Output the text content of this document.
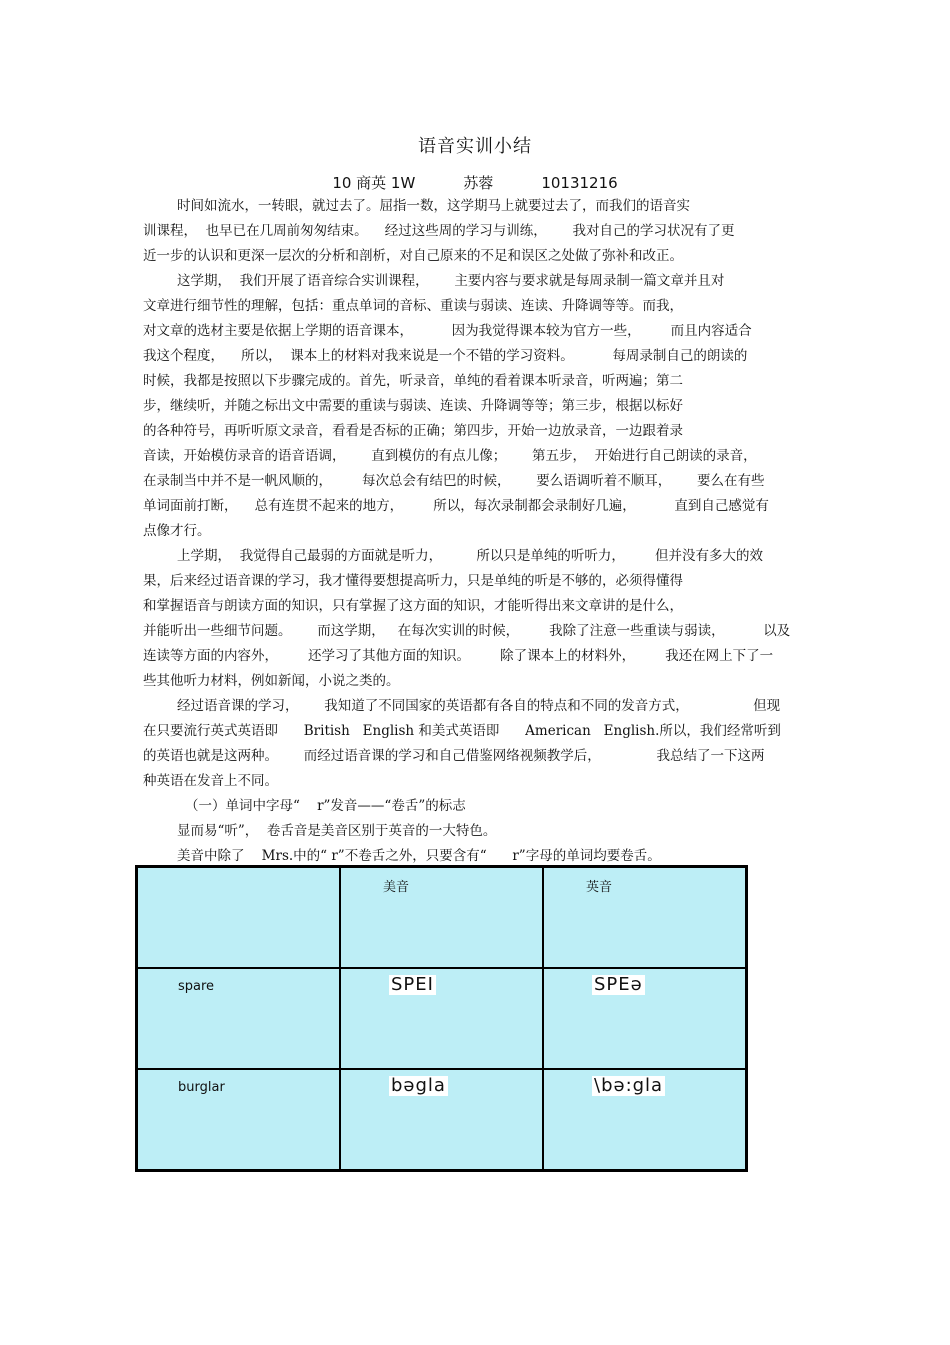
语音实训小结
10 商英 1W	苏蓉	10131216
时间如流水，一转眼，就过去了。屈指一数，这学期马上就要过去了，而我们的语音实
训课程，  也早已在几周前匆匆结束。    经过这些周的学习与训练，      我对自己的学习状况有了更
近一步的认识和更深一层次的分析和剖析，对自己原来的不足和误区之处做了弥补和改正。
这学期，  我们开展了语音综合实训课程，      主要内容与要求就是每周录制一篇文章并且对
文章进行细节性的理解，包括：重点单词的音标、重读与弱读、连读、升降调等等。而我，
对文章的选材主要是依据上学期的语音课本，         因为我觉得课本较为官方一些，       而且内容适合
我这个程度，    所以，  课本上的材料对我来说是一个不错的学习资料。         每周录制自己的朗读的
时候，我都是按照以下步骤完成的。首先，听录音，单纯的看着课本听录音，听两遍；第二
步，继续听，并随之标出文中需要的重读与弱读、连读、升降调等等；第三步，根据以标好
的各种符号，再听听原文录音，看看是否标的正确；第四步，开始一边放录音，一边跟着录
音读，开始模仿录音的语音语调，      直到模仿的有点儿像；      第五步，  开始进行自己朗读的录音，
在录制当中并不是一帆风顺的，       每次总会有结巴的时候，      要么语调听着不顺耳，      要么在有些
单词面前打断，    总有连贯不起来的地方，       所以，每次录制都会录制好几遍，         直到自己感觉有
点像才行。
上学期，  我觉得自己最弱的方面就是听力，        所以只是单纯的听听力，       但并没有多大的效
果，后来经过语音课的学习，我才懂得要想提高听力，只是单纯的听是不够的，必须得懂得
和掌握语音与朗读方面的知识，只有掌握了这方面的知识，才能听得出来文章讲的是什么，
并能听出一些细节问题。      而这学期，   在每次实训的时候，       我除了注意一些重读与弱读，         以及
连读等方面的内容外，       还学习了其他方面的知识。       除了课本上的材料外，       我还在网上下了一
些其他听力材料，例如新闻，小说之类的。
经过语音课的学习，      我知道了不同国家的英语都有各自的特点和不同的发音方式，               但现
在只要流行英式英语即      British   English 和美式英语即      American   English.所以，我们经常听到
的英语也就是这两种。      而经过语音课的学习和自己借鉴网络视频教学后，             我总结了一下这两
种英语在发音上不同。
（一）单词中字母“    r”发音——“卷舌”的标志
显而易“听”，  卷舌音是美音区别于英音的一大特色。
美音中除了    Mrs.中的“ r”不卷舌之外，只要含有“      r”字母的单词均要卷舌。

	美音	英音

spare	SPEI	SPEə

burglar	bəgla	\bə:gla
